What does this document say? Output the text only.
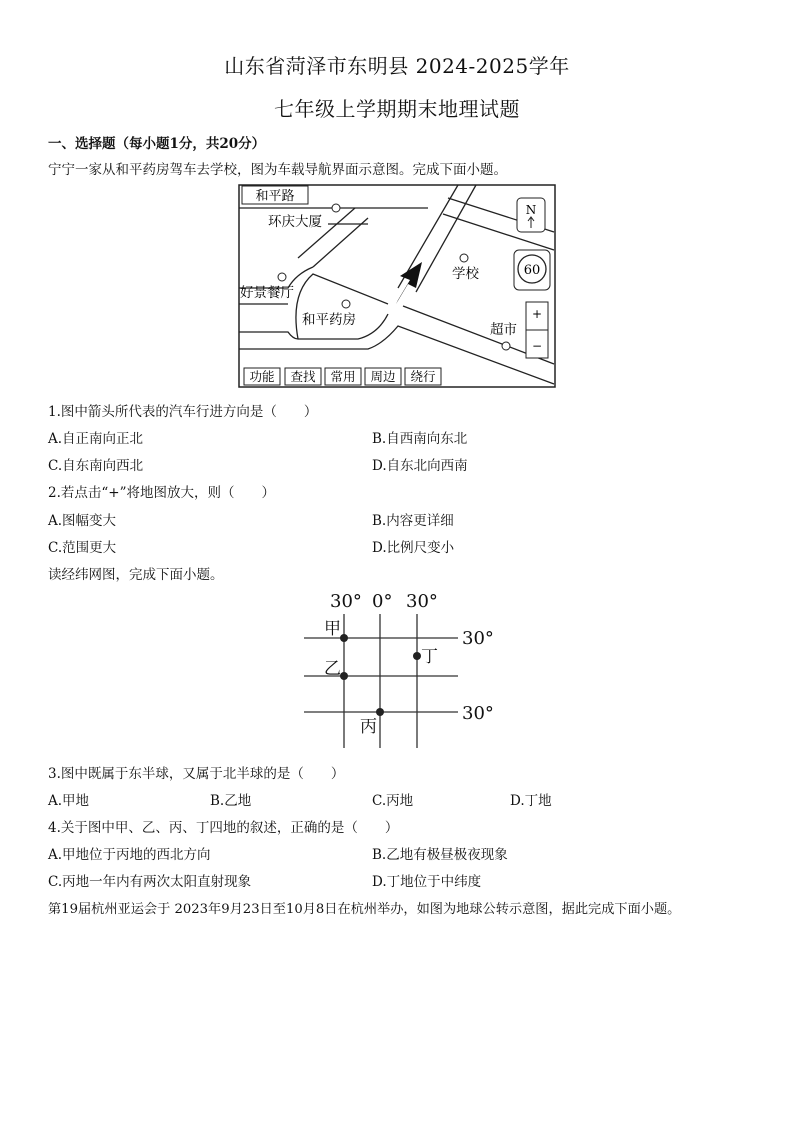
山东省菏泽市东明县 2024-2025学年
七年级上学期期末地理试题
一、选择题（每小题1分，共20分）
宁宁一家从和平药房驾车去学校，图为车载导航界面示意图。完成下面小题。
和平路
环庆大厦
好景餐厅
和平药房
学校
超市
N
60
+
−
功能 查找 常用 周边 绕行
1.图中箭头所代表的汽车行进方向是（　　）
A.自正南向正北	B.自西南向东北
C.自东南向西北	D.自东北向西南
2.若点击“+”将地图放大，则（　　）
A.图幅变大	B.内容更详细
C.范围更大	D.比例尺变小
读经纬网图，完成下面小题。
30° 0° 30°
30°
30°
甲
乙
丙
丁
3.图中既属于东半球，又属于北半球的是（　　）
A.甲地	B.乙地	C.丙地	D.丁地
4.关于图中甲、乙、丙、丁四地的叙述，正确的是（　　）
A.甲地位于丙地的西北方向	B.乙地有极昼极夜现象
C.丙地一年内有两次太阳直射现象	D.丁地位于中纬度
第19届杭州亚运会于 2023年9月23日至10月8日在杭州举办，如图为地球公转示意图，据此完成下面小题。
